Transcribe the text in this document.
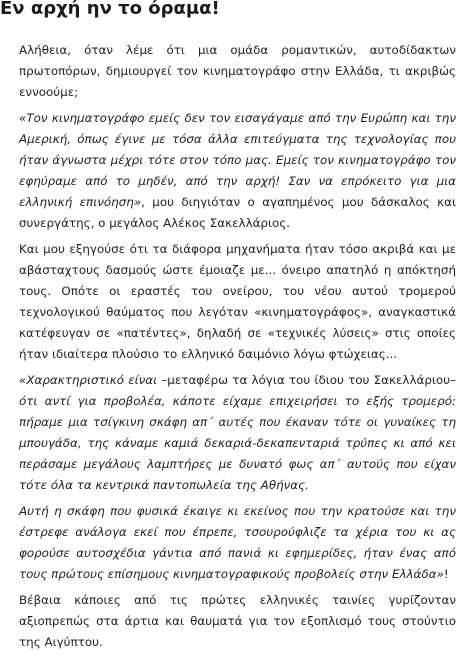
Εν αρχή ην το όραμα!

Αλήθεια, όταν λέμε ότι μια ομάδα ρομαντικών, αυτοδίδακτων πρωτοπόρων, δημιουργεί τον κινηματογράφο στην Ελλάδα, τι ακριβώς εννοούμε;

«Τον κινηματογράφο εμείς δεν τον εισαγάγαμε από την Ευρώπη και την Αμερική, όπως έγινε με τόσα άλλα επιτεύγματα της τεχνολογίας που ήταν άγνωστα μέχρι τότε στον τόπο μας. Εμείς τον κινηματογράφο τον εφηύραμε από το μηδέν, από την αρχή! Σαν να επρόκειτο για μια ελληνική επινόηση», μου διηγιόταν ο αγαπημένος μου δάσκαλος και συνεργάτης, ο μεγάλος Αλέκος Σακελλάριος.

Και μου εξηγούσε ότι τα διάφορα μηχανήματα ήταν τόσο ακριβά και με αβάσταχτους δασμούς ώστε έμοιαζε με... όνειρο απατηλό η απόκτησή τους. Οπότε οι εραστές του ονείρου, του νέου αυτού τρομερού τεχνολογικού θαύματος που λεγόταν «κινηματογράφος», αναγκαστικά κατέφευγαν σε «πατέντες», δηλαδή σε «τεχνικές λύσεις» στις οποίες ήταν ιδιαίτερα πλούσιο το ελληνικό δαιμόνιο λόγω φτώχειας...

«Χαρακτηριστικό είναι –μεταφέρω τα λόγια του ίδιου του Σακελλάριου– ότι αντί για προβολέα, κάποτε είχαμε επιχειρήσει το εξής τρομερό: πήραμε μια τσίγκινη σκάφη απ΄ αυτές που έκαναν τότε οι γυναίκες τη μπουγάδα, της κάναμε καμιά δεκαριά-δεκαπενταριά τρύπες κι από κει περάσαμε μεγάλους λαμπτήρες με δυνατό φως απ΄ αυτούς που είχαν τότε όλα τα κεντρικά παντοπωλεία της Αθήνας.

Αυτή η σκάφη που φυσικά έκαιγε κι εκείνος που την κρατούσε και την έστρεφε ανάλογα εκεί που έπρεπε, τσουρούφλιζε τα χέρια του κι ας φορούσε αυτοσχέδια γάντια από πανιά κι εφημερίδες, ήταν ένας από τους πρώτους επίσημους κινηματογραφικούς προβολείς στην Ελλάδα»!

Βέβαια κάποιες από τις πρώτες ελληνικές ταινίες γυρίζονταν αξιοπρεπώς στα άρτια και θαυματά για τον εξοπλισμό τους στούντιο της Αιγύπτου.
